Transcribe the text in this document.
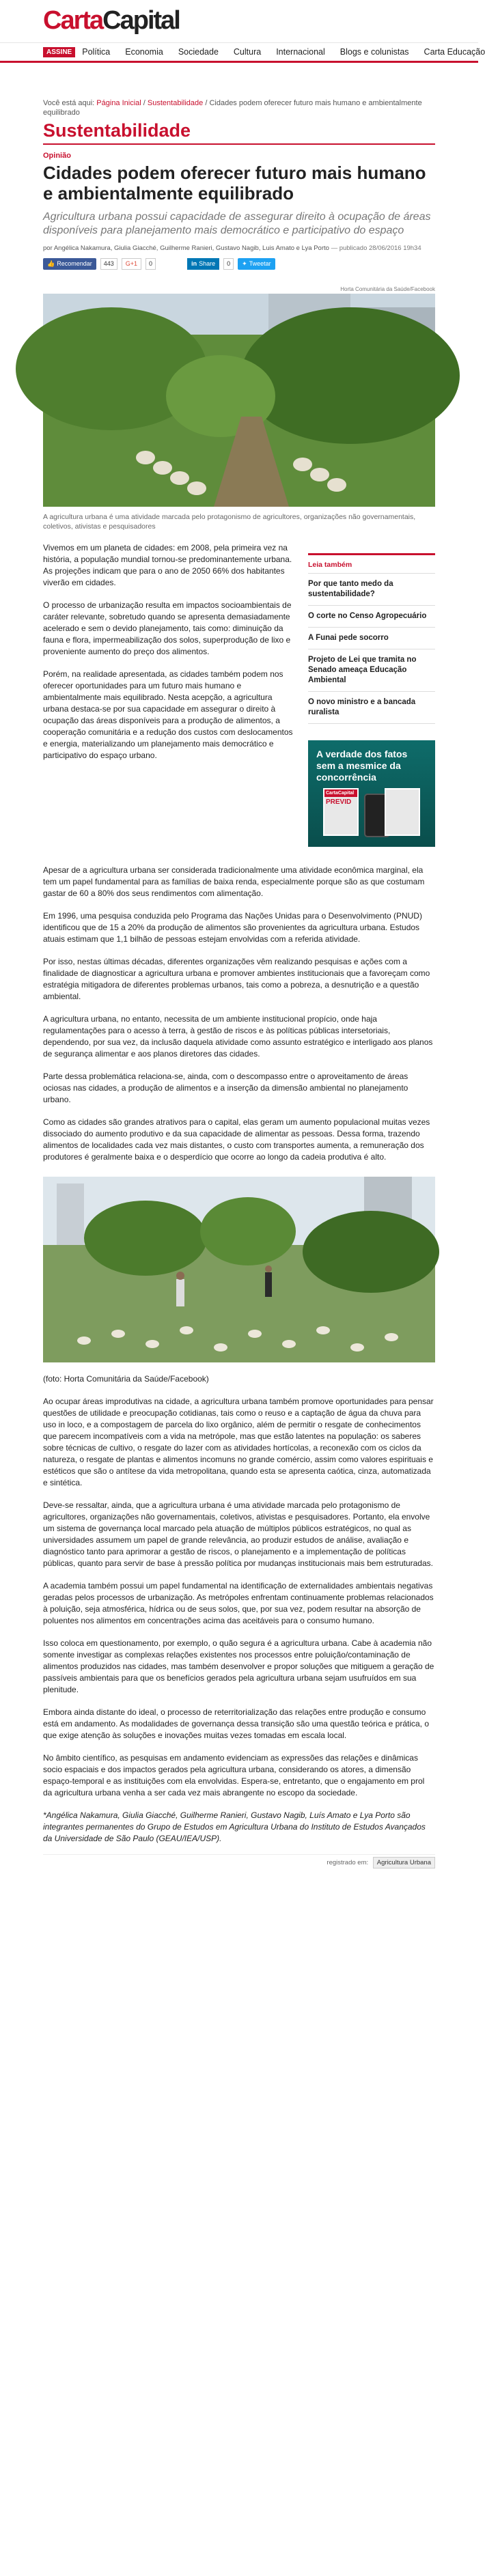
CartaCapital
ASSINE	Política Economia Sociedade Cultura Internacional Blogs e colunistas Carta Educação
Você está aqui: Página Inicial / Sustentabilidade / Cidades podem oferecer futuro mais humano e ambientalmente equilibrado
Sustentabilidade
Opinião
Cidades podem oferecer futuro mais humano e ambientalmente equilibrado

Agricultura urbana possui capacidade de assegurar direito à ocupação de áreas disponíveis para planejamento mais democrático e participativo do espaço

por Angélica Nakamura, Giulia Giacché, Guilherme Ranieri, Gustavo Nagib, Luis Amato e Lya Porto — publicado 28/06/2016 19h34

👍 Recomendar	443	G+1	0	in Share	0	✦ Tweetar
Horta Comunitária da Saúde/Facebook

A agricultura urbana é uma atividade marcada pelo protagonismo de agricultores, organizações não governamentais, coletivos, ativistas e pesquisadores

Leia também
Por que tanto medo da sustentabilidade?
O corte no Censo Agropecuário
A Funai pede socorro
Projeto de Lei que tramita no Senado ameaça Educação Ambiental
O novo ministro e a bancada ruralista
A verdade dos fatos sem a mesmice da concorrência
CartaCapital
PREVID

Vivemos em um planeta de cidades: em 2008, pela primeira vez na história, a população mundial tornou-se predominantemente urbana. As projeções indicam que para o ano de 2050 66% dos habitantes viverão em cidades.

O processo de urbanização resulta em impactos socioambientais de caráter relevante, sobretudo quando se apresenta demasiadamente acelerado e sem o devido planejamento, tais como: diminuição da fauna e flora, impermeabilização dos solos, superprodução de lixo e proveniente aumento do preço dos alimentos.

Porém, na realidade apresentada, as cidades também podem nos oferecer oportunidades para um futuro mais humano e ambientalmente mais equilibrado. Nesta acepção, a agricultura urbana destaca-se por sua capacidade em assegurar o direito à ocupação das áreas disponíveis para a produção de alimentos, a cooperação comunitária e a redução dos custos com deslocamentos e energia, materializando um planejamento mais democrático e participativo do espaço urbano.

Apesar de a agricultura urbana ser considerada tradicionalmente uma atividade econômica marginal, ela tem um papel fundamental para as famílias de baixa renda, especialmente porque são as que costumam gastar de 60 a 80% dos seus rendimentos com alimentação.

Em 1996, uma pesquisa conduzida pelo Programa das Nações Unidas para o Desenvolvimento (PNUD) identificou que de 15 a 20% da produção de alimentos são provenientes da agricultura urbana. Estudos atuais estimam que 1,1 bilhão de pessoas estejam envolvidas com a referida atividade.

Por isso, nestas últimas décadas, diferentes organizações vêm realizando pesquisas e ações com a finalidade de diagnosticar a agricultura urbana e promover ambientes institucionais que a favoreçam como estratégia mitigadora de diferentes problemas urbanos, tais como a pobreza, a desnutrição e a questão ambiental.

A agricultura urbana, no entanto, necessita de um ambiente institucional propício, onde haja regulamentações para o acesso à terra, à gestão de riscos e às políticas públicas intersetoriais, dependendo, por sua vez, da inclusão daquela atividade como assunto estratégico e interligado aos planos de segurança alimentar e aos planos diretores das cidades.

Parte dessa problemática relaciona-se, ainda, com o descompasso entre o aproveitamento de áreas ociosas nas cidades, a produção de alimentos e a inserção da dimensão ambiental no planejamento urbano.

Como as cidades são grandes atrativos para o capital, elas geram um aumento populacional muitas vezes dissociado do aumento produtivo e da sua capacidade de alimentar as pessoas. Dessa forma, trazendo alimentos de localidades cada vez mais distantes, o custo com transportes aumenta, a remuneração dos produtores é geralmente baixa e o desperdício que ocorre ao longo da cadeia produtiva é alto.

(foto: Horta Comunitária da Saúde/Facebook)

Ao ocupar áreas improdutivas na cidade, a agricultura urbana também promove oportunidades para pensar questões de utilidade e preocupação cotidianas, tais como o reuso e a captação de água da chuva para uso in loco, e a compostagem de parcela do lixo orgânico, além de permitir o resgate de conhecimentos que parecem incompatíveis com a vida na metrópole, mas que estão latentes na população: os saberes sobre técnicas de cultivo, o resgate do lazer com as atividades hortícolas, a reconexão com os ciclos da natureza, o resgate de plantas e alimentos incomuns no grande comércio, assim como valores espirituais e estéticos que são o antítese da vida metropolitana, quando esta se apresenta caótica, cinza, automatizada e sintética.

Deve-se ressaltar, ainda, que a agricultura urbana é uma atividade marcada pelo protagonismo de agricultores, organizações não governamentais, coletivos, ativistas e pesquisadores. Portanto, ela envolve um sistema de governança local marcado pela atuação de múltiplos públicos estratégicos, no qual as universidades assumem um papel de grande relevância, ao produzir estudos de análise, avaliação e diagnóstico tanto para aprimorar a gestão de riscos, o planejamento e a implementação de políticas públicas, quanto para servir de base à pressão política por mudanças institucionais mais bem estruturadas.

A academia também possui um papel fundamental na identificação de externalidades ambientais negativas geradas pelos processos de urbanização. As metrópoles enfrentam continuamente problemas relacionados à poluição, seja atmosférica, hídrica ou de seus solos, que, por sua vez, podem resultar na absorção de poluentes nos alimentos em concentrações acima das aceitáveis para o consumo humano.

Isso coloca em questionamento, por exemplo, o quão segura é a agricultura urbana. Cabe à academia não somente investigar as complexas relações existentes nos processos entre poluição/contaminação de alimentos produzidos nas cidades, mas também desenvolver e propor soluções que mitiguem a geração de passíveis ambientais para que os benefícios gerados pela agricultura urbana sejam usufruídos em sua plenitude.

Embora ainda distante do ideal, o processo de reterritorialização das relações entre produção e consumo está em andamento. As modalidades de governança dessa transição são uma questão teórica e prática, o que exige atenção às soluções e inovações muitas vezes tomadas em escala local.

No âmbito científico, as pesquisas em andamento evidenciam as expressões das relações e dinâmicas socio espaciais e dos impactos gerados pela agricultura urbana, considerando os atores, a dimensão espaço-temporal e as instituições com ela envolvidas. Espera-se, entretanto, que o engajamento em prol da agricultura urbana venha a ser cada vez mais abrangente no escopo da sociedade.

*Angélica Nakamura, Giulia Giacché, Guilherme Ranieri, Gustavo Nagib, Luís Amato e Lya Porto são integrantes permanentes do Grupo de Estudos em Agricultura Urbana do Instituto de Estudos Avançados da Universidade de São Paulo (GEAU/IEA/USP).

registrado em: Agricultura Urbana
